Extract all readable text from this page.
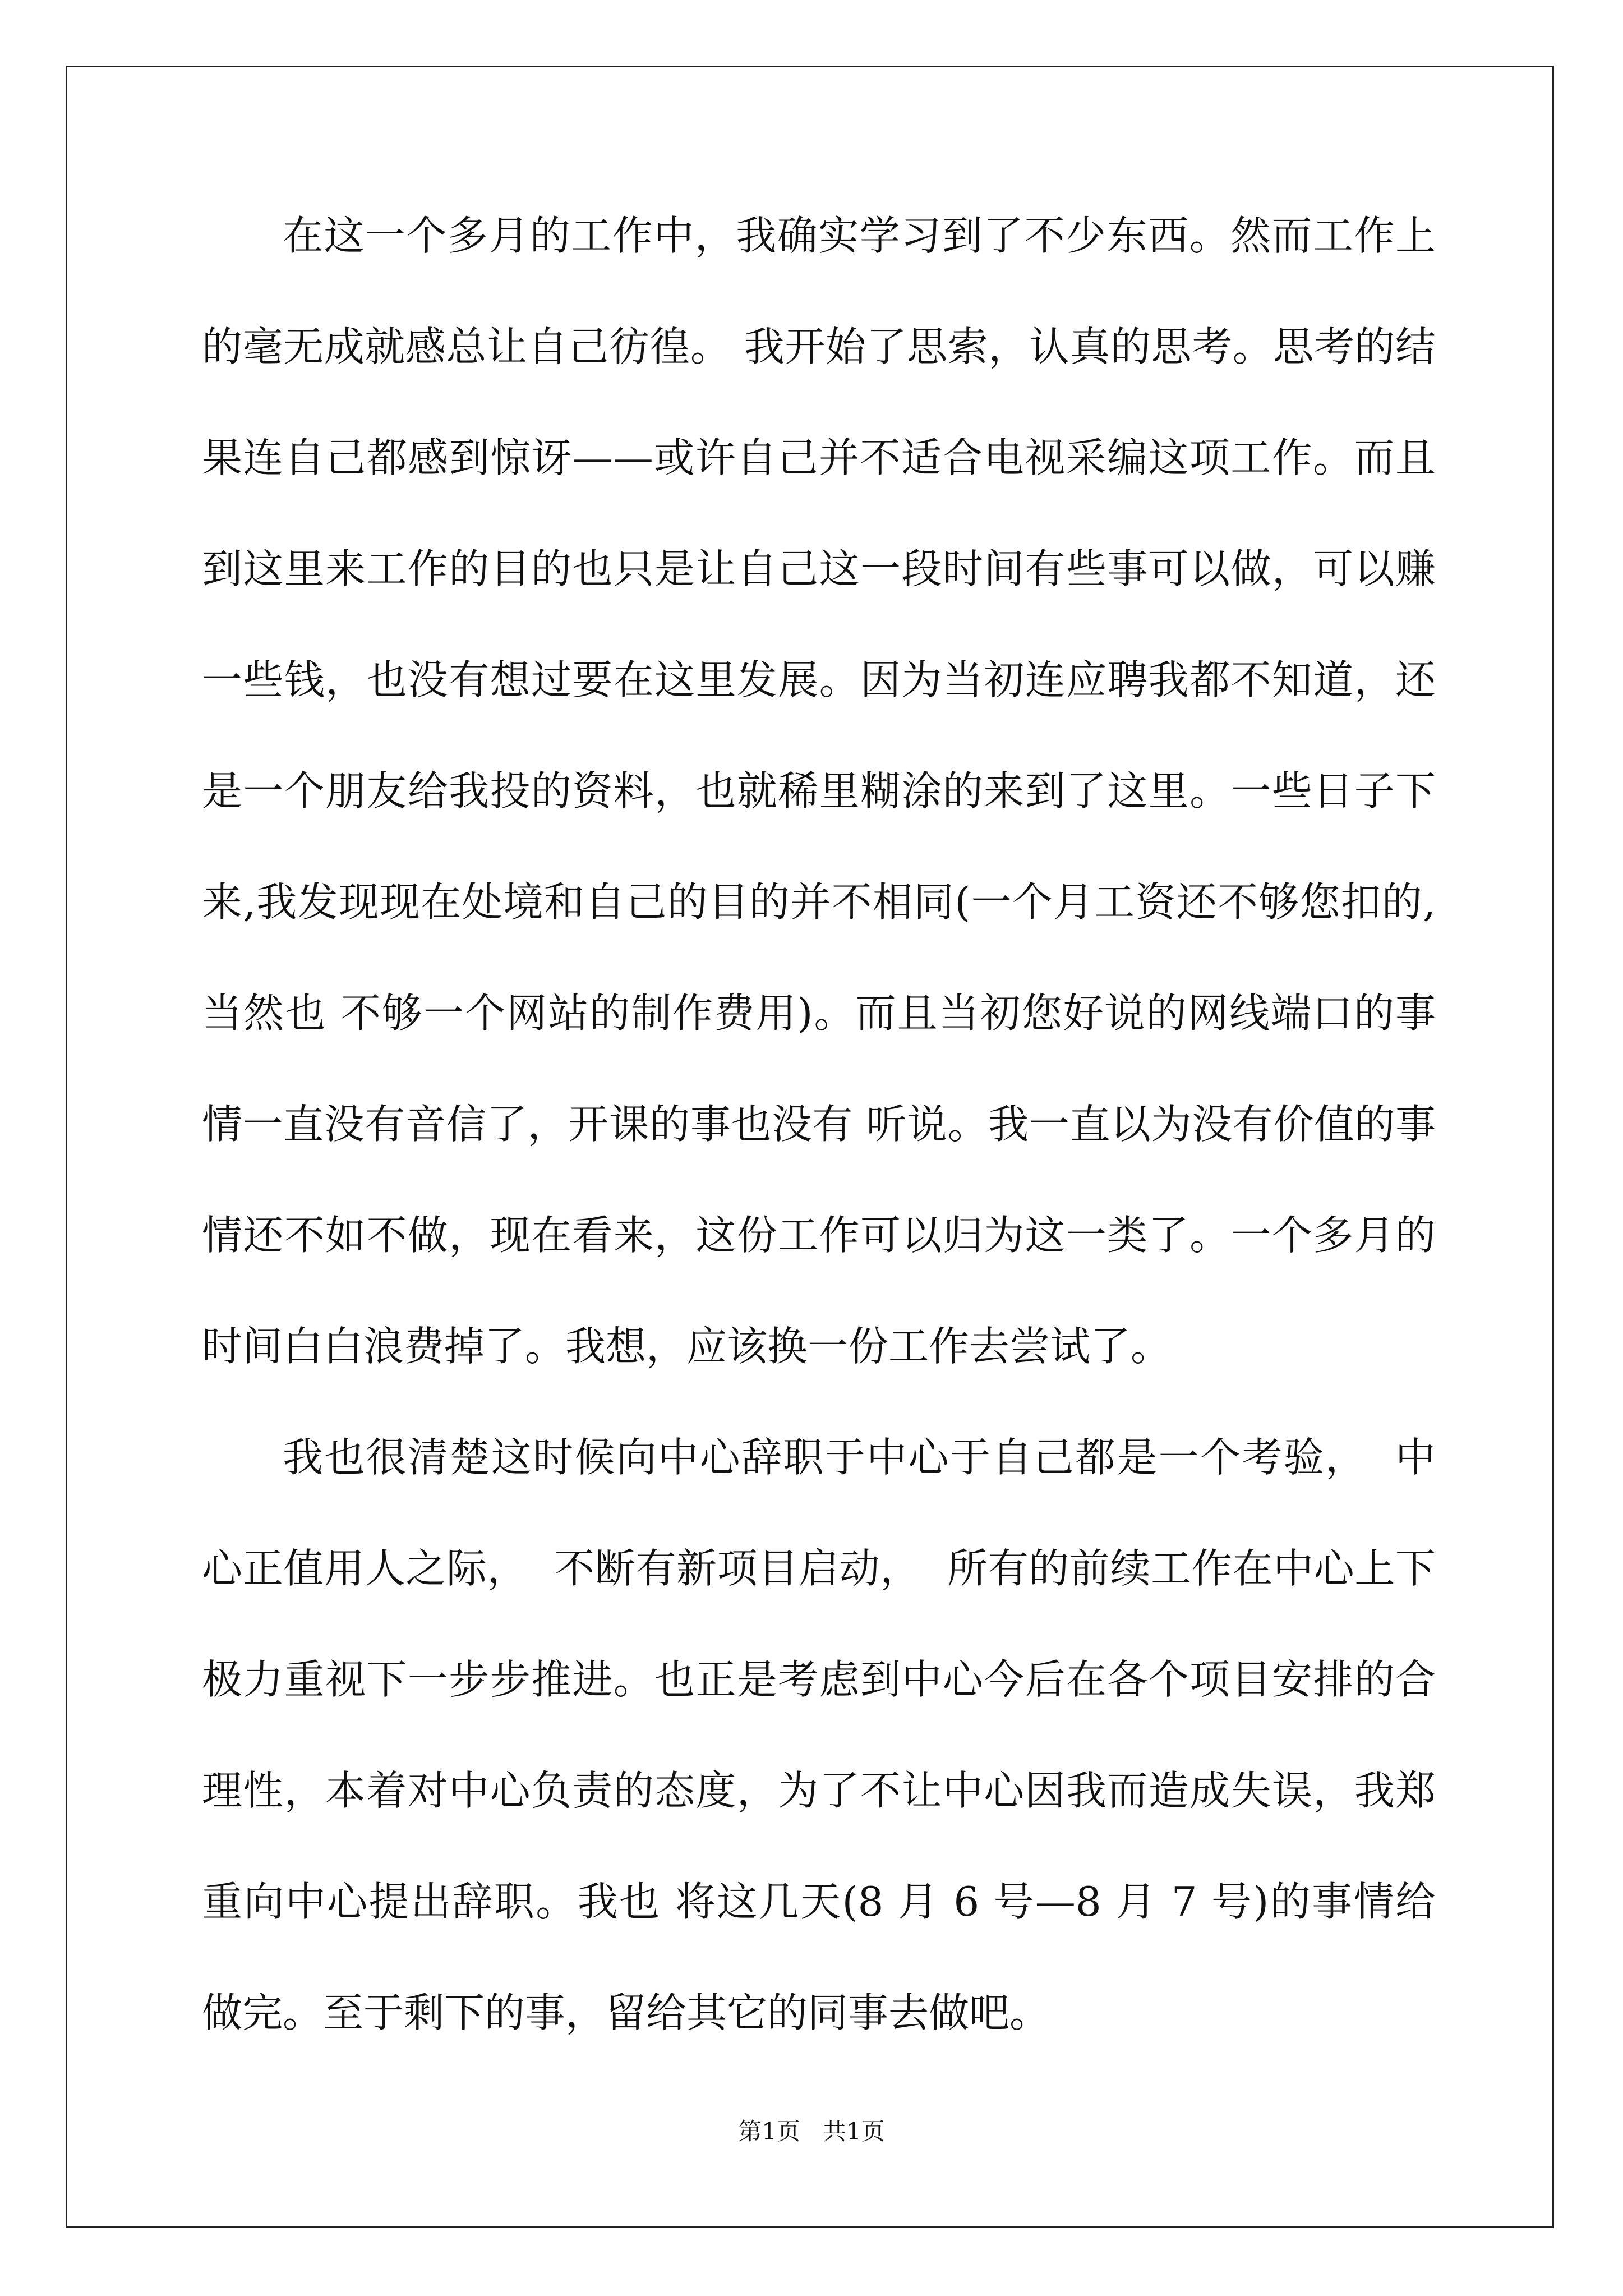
在这一个多月的工作中，我确实学习到了不少东西。然而工作上
的毫无成就感总让自己彷徨。 我开始了思索，认真的思考。思考的结
果连自己都感到惊讶——或许自己并不适合电视采编这项工作。而且
到这里来工作的目的也只是让自己这一段时间有些事可以做，可以赚
一些钱，也没有想过要在这里发展。因为当初连应聘我都不知道，还
是一个朋友给我投的资料，也就稀里糊涂的来到了这里。一些日子下
来,我发现现在处境和自己的目的并不相同(一个月工资还不够您扣的,
当然也 不够一个网站的制作费用)。而且当初您好说的网线端口的事
情一直没有音信了，开课的事也没有 听说。我一直以为没有价值的事
情还不如不做，现在看来，这份工作可以归为这一类了。一个多月的
时间白白浪费掉了。我想，应该换一份工作去尝试了。
我也很清楚这时候向中心辞职于中心于自己都是一个考验，  中
心正值用人之际，  不断有新项目启动，  所有的前续工作在中心上下
极力重视下一步步推进。也正是考虑到中心今后在各个项目安排的合
理性，本着对中心负责的态度，为了不让中心因我而造成失误，我郑
重向中心提出辞职。我也 将这几天(8 月 6 号—8 月 7 号)的事情给
做完。至于剩下的事，留给其它的同事去做吧。
第1页 共1页
